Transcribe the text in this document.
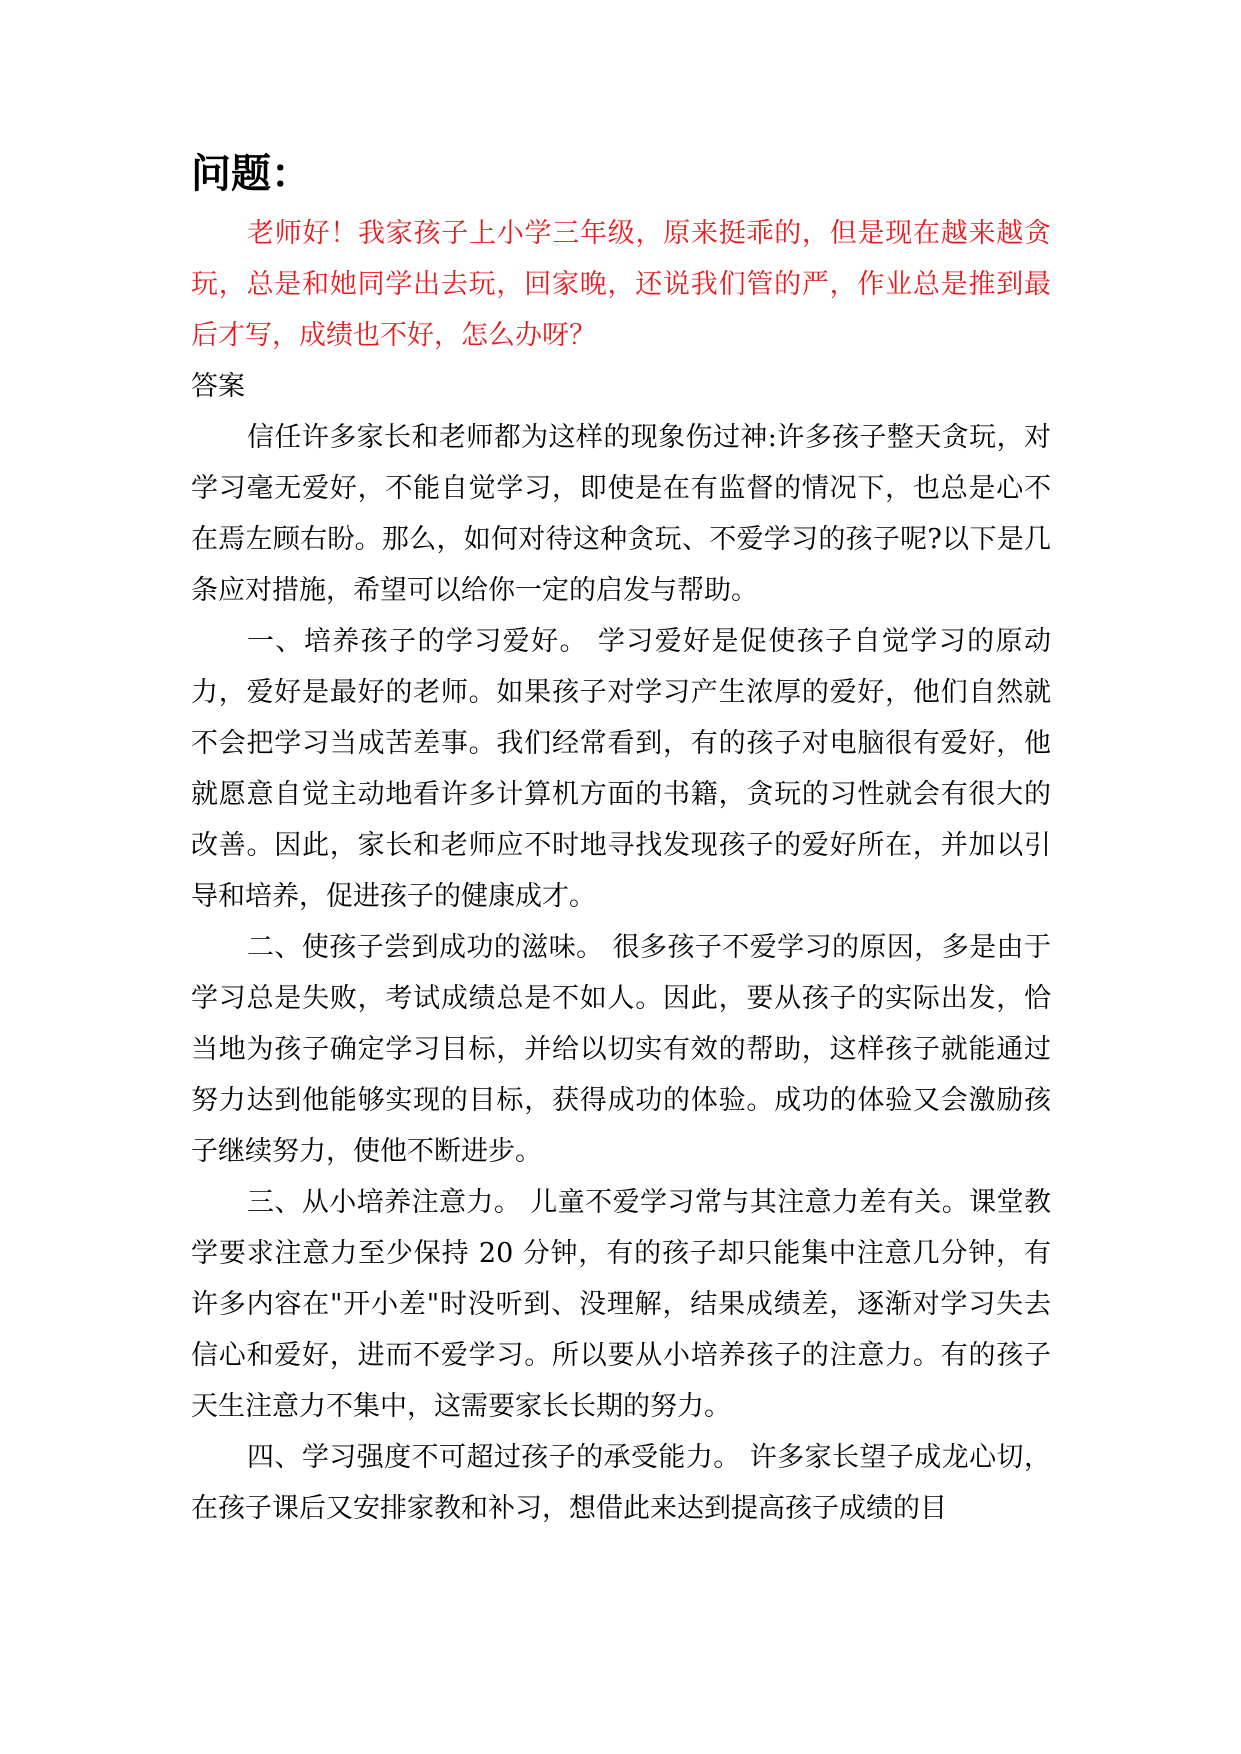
问题：

老师好！我家孩子上小学三年级，原来挺乖的，但是现在越来越贪玩，总是和她同学出去玩，回家晚，还说我们管的严，作业总是推到最后才写，成绩也不好，怎么办呀？

答案

信任许多家长和老师都为这样的现象伤过神:许多孩子整天贪玩，对学习毫无爱好，不能自觉学习，即使是在有监督的情况下，也总是心不在焉左顾右盼。那么，如何对待这种贪玩、不爱学习的孩子呢?以下是几条应对措施，希望可以给你一定的启发与帮助。

一、培养孩子的学习爱好。 学习爱好是促使孩子自觉学习的原动力，爱好是最好的老师。如果孩子对学习产生浓厚的爱好，他们自然就不会把学习当成苦差事。我们经常看到，有的孩子对电脑很有爱好，他就愿意自觉主动地看许多计算机方面的书籍，贪玩的习性就会有很大的改善。因此，家长和老师应不时地寻找发现孩子的爱好所在，并加以引导和培养，促进孩子的健康成才。

二、使孩子尝到成功的滋味。 很多孩子不爱学习的原因，多是由于学习总是失败，考试成绩总是不如人。因此，要从孩子的实际出发，恰当地为孩子确定学习目标，并给以切实有效的帮助，这样孩子就能通过努力达到他能够实现的目标，获得成功的体验。成功的体验又会激励孩子继续努力，使他不断进步。

三、从小培养注意力。 儿童不爱学习常与其注意力差有关。课堂教学要求注意力至少保持 20 分钟，有的孩子却只能集中注意几分钟，有许多内容在"开小差"时没听到、没理解，结果成绩差，逐渐对学习失去信心和爱好，进而不爱学习。所以要从小培养孩子的注意力。有的孩子天生注意力不集中，这需要家长长期的努力。

四、学习强度不可超过孩子的承受能力。 许多家长望子成龙心切，在孩子课后又安排家教和补习，想借此来达到提高孩子成绩的目
